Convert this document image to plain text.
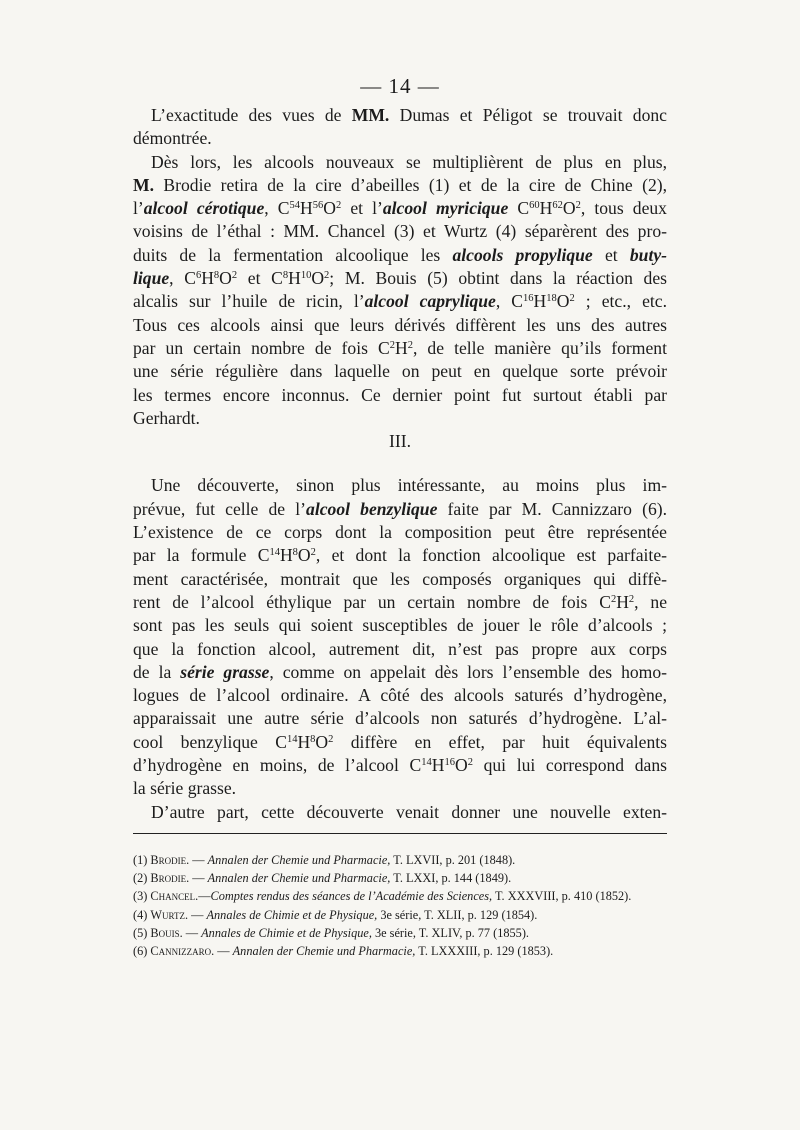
— 14 —
L’exactitude des vues de MM. Dumas et Péligot se trouvait donc
démontrée.
Dès lors, les alcools nouveaux se multiplièrent de plus en plus,
M. Brodie retira de la cire d’abeilles (1) et de la cire de Chine (2),
l’alcool cérotique, $C^{54}H^{56}O^2$ et l’alcool myricique $C^{60}H^{62}O^2$, tous deux
voisins de l’éthal : MM. Chancel (3) et Wurtz (4) séparèrent des pro-
duits de la fermentation alcoolique les alcools propylique et buty-
lique, $C^6H^8O^2$ et $C^8H^{10}O^2$; M. Bouis (5) obtint dans la réaction des
alcalis sur l’huile de ricin, l’alcool caprylique, $C^{16}H^{18}O^2$ ; etc., etc.
Tous ces alcools ainsi que leurs dérivés diffèrent les uns des autres
par un certain nombre de fois $C^2H^2$, de telle manière qu’ils forment
une série régulière dans laquelle on peut en quelque sorte prévoir
les termes encore inconnus. Ce dernier point fut surtout établi par
Gerhardt.
III.
Une découverte, sinon plus intéressante, au moins plus im-
prévue, fut celle de l’alcool benzylique faite par M. Cannizzaro (6).
L’existence de ce corps dont la composition peut être représentée
par la formule $C^{14}H^8O^2$, et dont la fonction alcoolique est parfaite-
ment caractérisée, montrait que les composés organiques qui diffè-
rent de l’alcool éthylique par un certain nombre de fois $C^2H^2$, ne
sont pas les seuls qui soient susceptibles de jouer le rôle d’alcools ;
que la fonction alcool, autrement dit, n’est pas propre aux corps
de la série grasse, comme on appelait dès lors l’ensemble des homo-
logues de l’alcool ordinaire. A côté des alcools saturés d’hydrogène,
apparaissait une autre série d’alcools non saturés d’hydrogène. L’al-
cool benzylique $C^{14}H^8O^2$ diffère en effet, par huit équivalents
d’hydrogène en moins, de l’alcool $C^{14}H^{16}O^2$ qui lui correspond dans
la série grasse.
D’autre part, cette découverte venait donner une nouvelle exten-
(1) Brodie. — Annalen der Chemie und Pharmacie, T. LXVII, p. 201 (1848).
(2) Brodie. — Annalen der Chemie und Pharmacie, T. LXXI, p. 144 (1849).
(3) Chancel.—Comptes rendus des séances de l’Académie des Sciences, T. XXXVIII, p. 410 (1852).
(4) Wurtz. — Annales de Chimie et de Physique, 3e série, T. XLII, p. 129 (1854).
(5) Bouis. — Annales de Chimie et de Physique, 3e série, T. XLIV, p. 77 (1855).
(6) Cannizzaro. — Annalen der Chemie und Pharmacie, T. LXXXIII, p. 129 (1853).
